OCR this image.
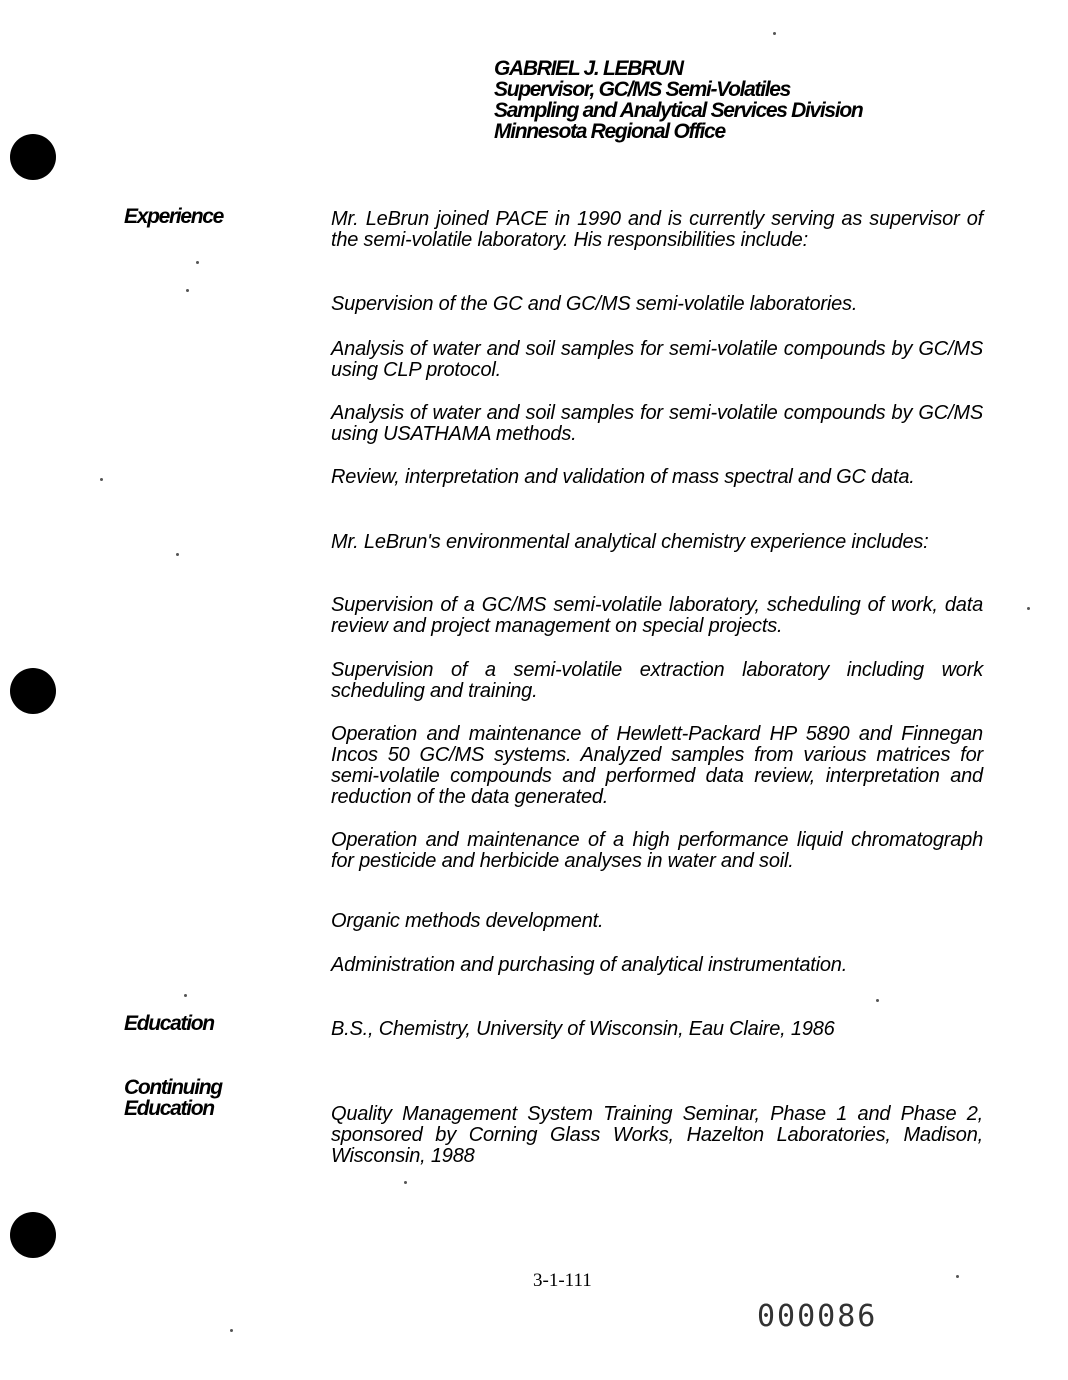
GABRIEL J. LEBRUN
Supervisor, GC/MS Semi-Volatiles
Sampling and Analytical Services Division
Minnesota Regional Office
Experience	Mr. LeBrun joined PACE in 1990 and is currently serving as supervisor of the semi-volatile laboratory. His responsibilities include:

Supervision of the GC and GC/MS semi-volatile laboratories.

Analysis of water and soil samples for semi-volatile compounds by GC/MS using CLP protocol.

Analysis of water and soil samples for semi-volatile compounds by GC/MS using USATHAMA methods.

Review, interpretation and validation of mass spectral and GC data.

Mr. LeBrun's environmental analytical chemistry experience includes:

Supervision of a GC/MS semi-volatile laboratory, scheduling of work, data review and project management on special projects.

Supervision of a semi-volatile extraction laboratory including work scheduling and training.

Operation and maintenance of Hewlett-Packard HP 5890 and Finnegan Incos 50 GC/MS systems. Analyzed samples from various matrices for semi-volatile compounds and performed data review, interpretation and reduction of the data generated.

Operation and maintenance of a high performance liquid chromatograph for pesticide and herbicide analyses in water and soil.

Organic methods development.

Administration and purchasing of analytical instrumentation.

Education	B.S., Chemistry, University of Wisconsin, Eau Claire, 1986

Continuing
Education	Quality Management System Training Seminar, Phase 1 and Phase 2, sponsored by Corning Glass Works, Hazelton Laboratories, Madison, Wisconsin, 1988

3-1-111
000086
